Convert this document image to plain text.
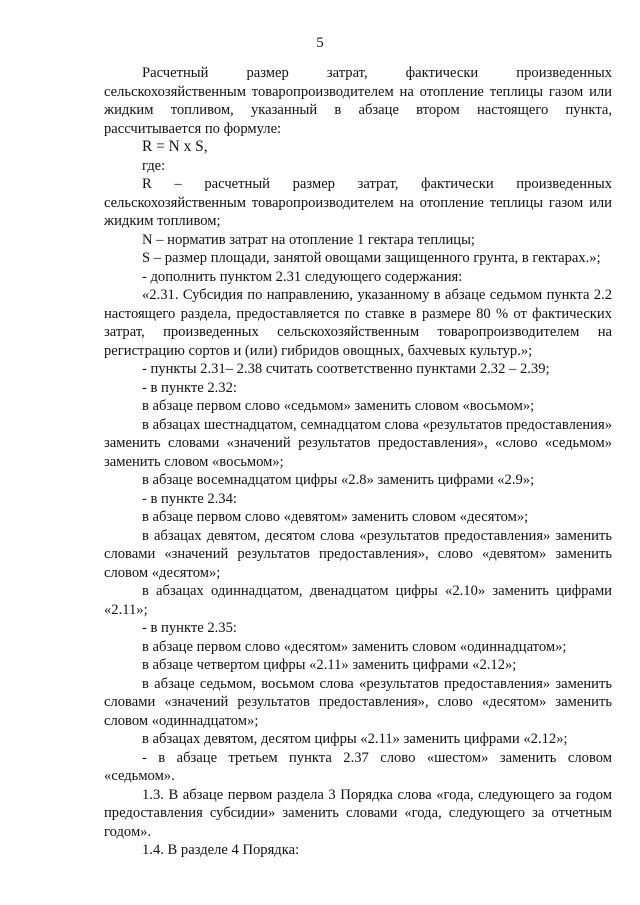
5

Расчетный размер затрат, фактически произведенных сельскохозяйственным товаропроизводителем на отопление теплицы газом или жидким топливом, указанный в абзаце втором настоящего пункта, рассчитывается по формуле:

R = N x S,

где:

R – расчетный размер затрат, фактически произведенных сельскохозяйственным товаропроизводителем на отопление теплицы газом или жидким топливом;

N – норматив затрат на отопление 1 гектара теплицы;

S – размер площади, занятой овощами защищенного грунта, в гектарах.»;

- дополнить пунктом 2.31 следующего содержания:

«2.31. Субсидия по направлению, указанному в абзаце седьмом пункта 2.2 настоящего раздела, предоставляется по ставке в размере 80 % от фактических затрат, произведенных сельскохозяйственным товаропроизводителем на регистрацию сортов и (или) гибридов овощных, бахчевых культур.»;

- пункты 2.31– 2.38 считать соответственно пунктами 2.32 – 2.39;

- в пункте 2.32:

в абзаце первом слово «седьмом» заменить словом «восьмом»;

в абзацах шестнадцатом, семнадцатом слова «результатов предоставления» заменить словами «значений результатов предоставления», «слово «седьмом» заменить словом «восьмом»;

в абзаце восемнадцатом цифры «2.8» заменить цифрами «2.9»;

- в пункте 2.34:

в абзаце первом слово «девятом» заменить словом «десятом»;

в абзацах девятом, десятом слова «результатов предоставления» заменить словами «значений результатов предоставления», слово «девятом» заменить словом «десятом»;

в абзацах одиннадцатом, двенадцатом цифры «2.10» заменить цифрами «2.11»;

- в пункте 2.35:

в абзаце первом слово «десятом» заменить словом «одиннадцатом»;

в абзаце четвертом цифры «2.11» заменить цифрами «2.12»;

в абзаце седьмом, восьмом слова «результатов предоставления» заменить словами «значений результатов предоставления», слово «десятом» заменить словом «одиннадцатом»;

в абзацах девятом, десятом цифры «2.11» заменить цифрами «2.12»;

- в абзаце третьем пункта 2.37 слово «шестом» заменить словом «седьмом».

1.3. В абзаце первом раздела 3 Порядка слова «года, следующего за годом предоставления субсидии» заменить словами «года, следующего за отчетным годом».

1.4. В разделе 4 Порядка:
